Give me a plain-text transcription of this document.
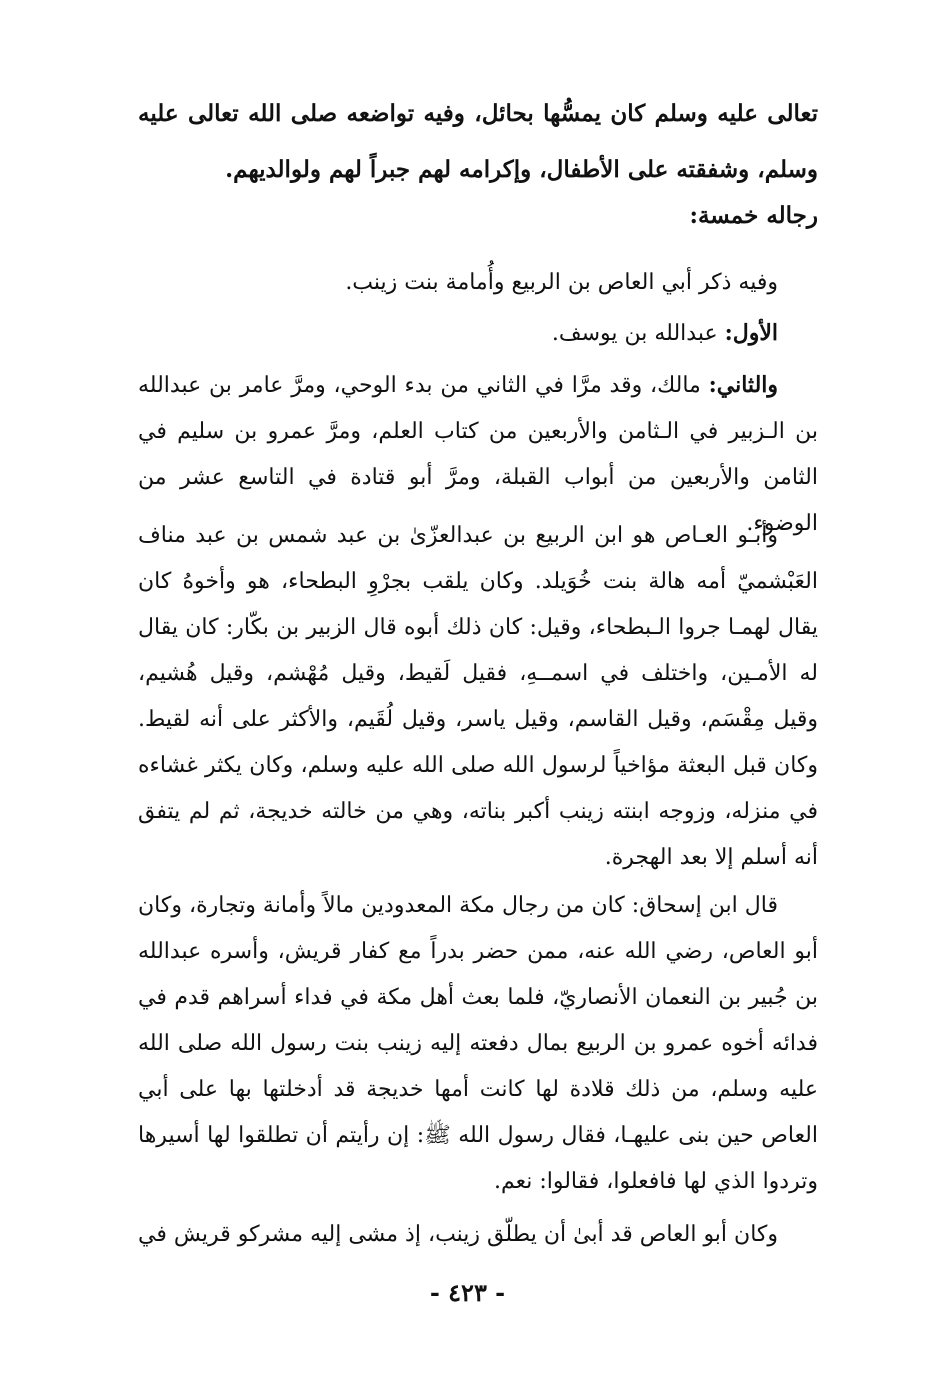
تعالى عليه وسلم كان يمسُّها بحائل، وفيه تواضعه صلى الله تعالى عليه وسلم، وشفقته على الأطفال، وإكرامه لهم جبراً لهم ولوالديهم.
رجاله خمسة:
وفيه ذكر أبي العاص بن الربيع وأُمامة بنت زينب.
الأول: عبدالله بن يوسف.
والثاني: مالك، وقد مرَّا في الثاني من بدء الوحي، ومرَّ عامر بن عبدالله بن الـزبير في الـثامن والأربعين من كتاب العلم، ومرَّ عمرو بن سليم في الثامن والأربعين من أبواب القبلة، ومرَّ أبو قتادة في التاسع عشر من الوضوء.
وأبـو العـاص هو ابن الربيع بن عبدالعزّىٰ بن عبد شمس بن عبد مناف العَبْشميّ أمه هالة بنت خُوَيلد. وكان يلقب بجرْوِ البطحاء، هو وأخوهُ كان يقال لهمـا جروا الـبطحاء، وقيل: كان ذلك أبوه قال الزبير بن بكّار: كان يقال له الأمـين، واختلف في اسمــهِ، فقيل لَقيط، وقيل مُهْشم، وقيل هُشيم، وقيل مِقْسَم، وقيل القاسم، وقيل ياسر، وقيل لُقَيم، والأكثر على أنه لقيط. وكان قبل البعثة مؤاخياً لرسول الله صلى الله عليه وسلم، وكان يكثر غشاءه في منزله، وزوجه ابنته زينب أكبر بناته، وهي من خالته خديجة، ثم لم يتفق أنه أسلم إلا بعد الهجرة.
قال ابن إسحاق: كان من رجال مكة المعدودين مالاً وأمانة وتجارة، وكان أبو العاص، رضي الله عنه، ممن حضر بدراً مع كفار قريش، وأسره عبدالله بن جُبير بن النعمان الأنصاريّ، فلما بعث أهل مكة في فداء أسراهم قدم في فدائه أخوه عمرو بن الربيع بمال دفعته إليه زينب بنت رسول الله صلى الله عليه وسلم، من ذلك قلادة لها كانت أمها خديجة قد أدخلتها بها على أبي العاص حين بنى عليهـا، فقال رسول الله ﷺ: إن رأيتم أن تطلقوا لها أسيرها وتردوا الذي لها فافعلوا، فقالوا: نعم.
وكان أبو العاص قد أبىٰ أن يطلّق زينب، إذ مشى إليه مشركو قريش في
- ٤٢٣ -
